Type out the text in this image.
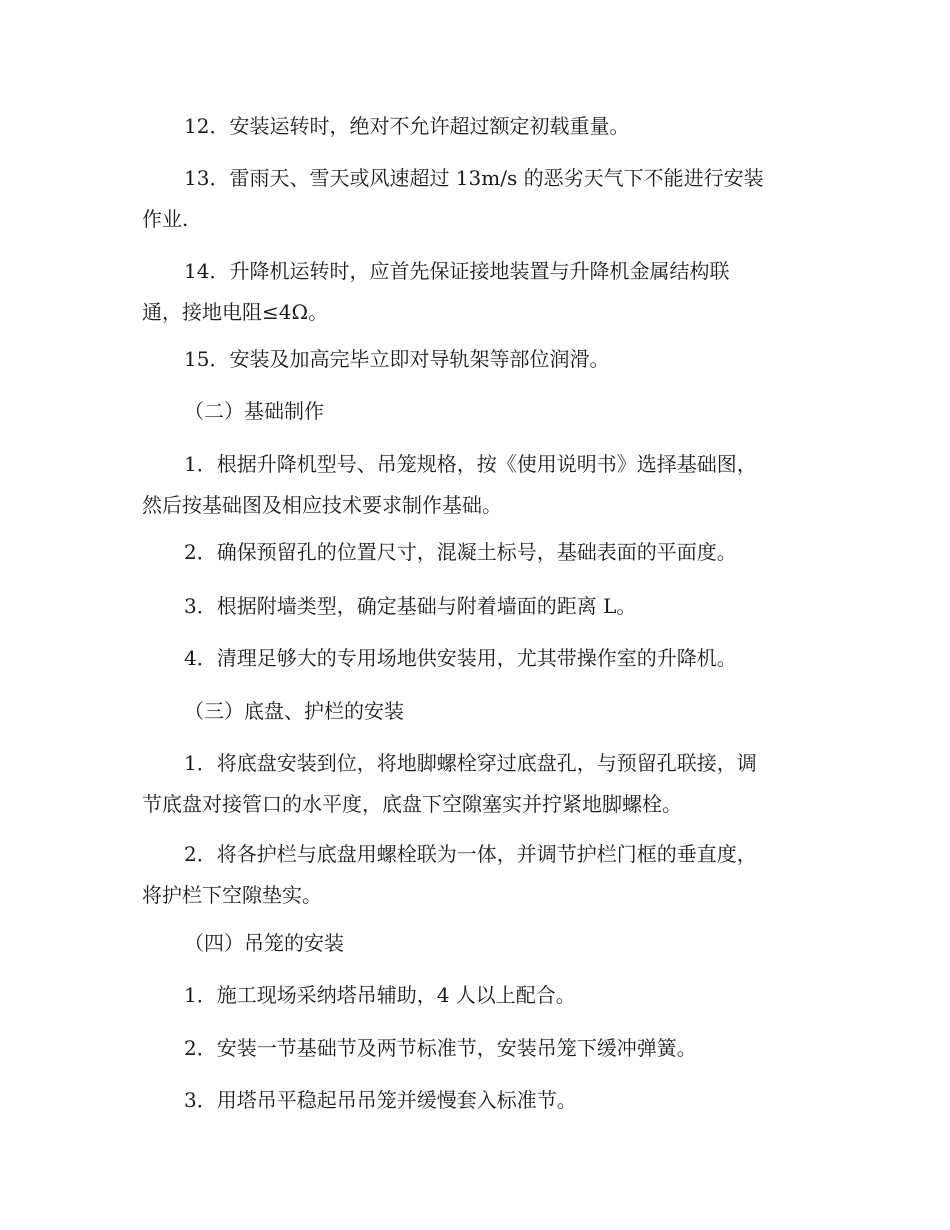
12．安装运转时，绝对不允许超过额定初载重量。

13．雷雨天、雪天或风速超过 13m/s 的恶劣天气下不能进行安装
作业.

14．升降机运转时，应首先保证接地装置与升降机金属结构联
通，接地电阻≤4Ω。

15．安装及加高完毕立即对导轨架等部位润滑。

（二）基础制作

1．根据升降机型号、吊笼规格，按《使用说明书》选择基础图，
然后按基础图及相应技术要求制作基础。

2．确保预留孔的位置尺寸，混凝土标号，基础表面的平面度。

3．根据附墙类型，确定基础与附着墙面的距离 L。

4．清理足够大的专用场地供安装用，尤其带操作室的升降机。

（三）底盘、护栏的安装

1．将底盘安装到位，将地脚螺栓穿过底盘孔，与预留孔联接，调
节底盘对接管口的水平度，底盘下空隙塞实并拧紧地脚螺栓。

2．将各护栏与底盘用螺栓联为一体，并调节护栏门框的垂直度，
将护栏下空隙垫实。

（四）吊笼的安装

1．施工现场采纳塔吊辅助，4 人以上配合。

2．安装一节基础节及两节标准节，安装吊笼下缓冲弹簧。

3．用塔吊平稳起吊吊笼并缓慢套入标准节。
